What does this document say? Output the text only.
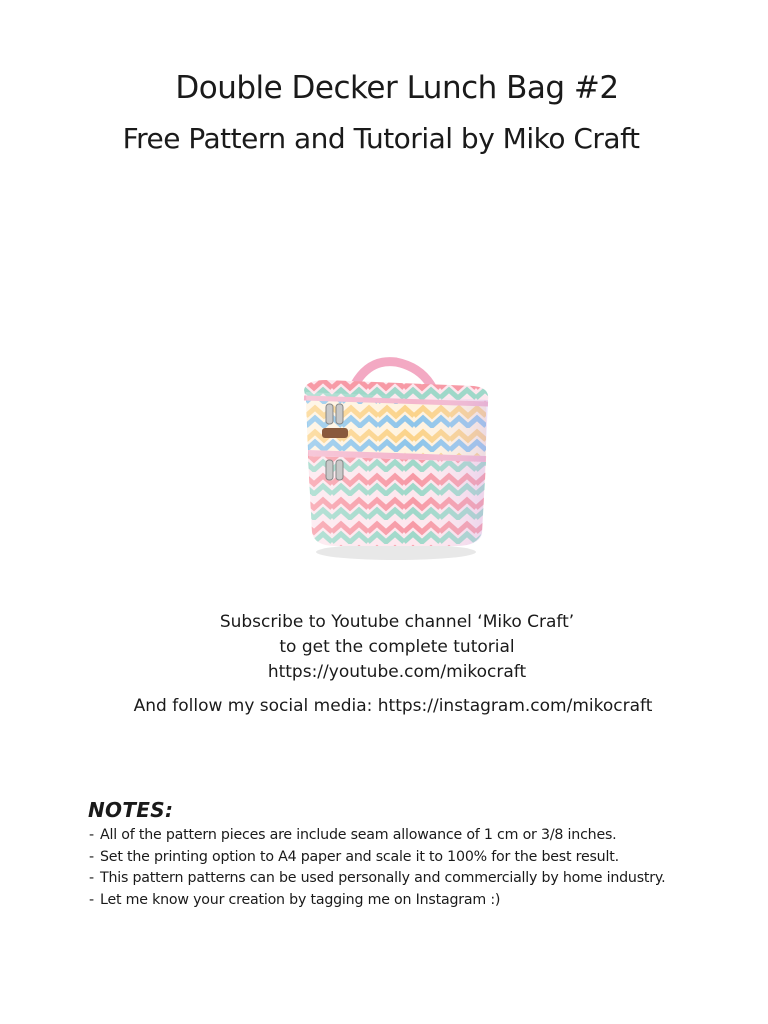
Double Decker Lunch Bag #2
Free Pattern and Tutorial by Miko Craft
Subscribe to Youtube channel ‘Miko Craft’
to get the complete tutorial
https://youtube.com/mikocraft
And follow my social media: https://instagram.com/mikocraft
NOTES:
- All of the pattern pieces are include seam allowance of 1 cm or 3/8 inches.
- Set the printing option to A4 paper and scale it to 100% for the best result.
- This pattern patterns can be used personally and commercially by home industry.
- Let me know your creation by tagging me on Instagram :)
